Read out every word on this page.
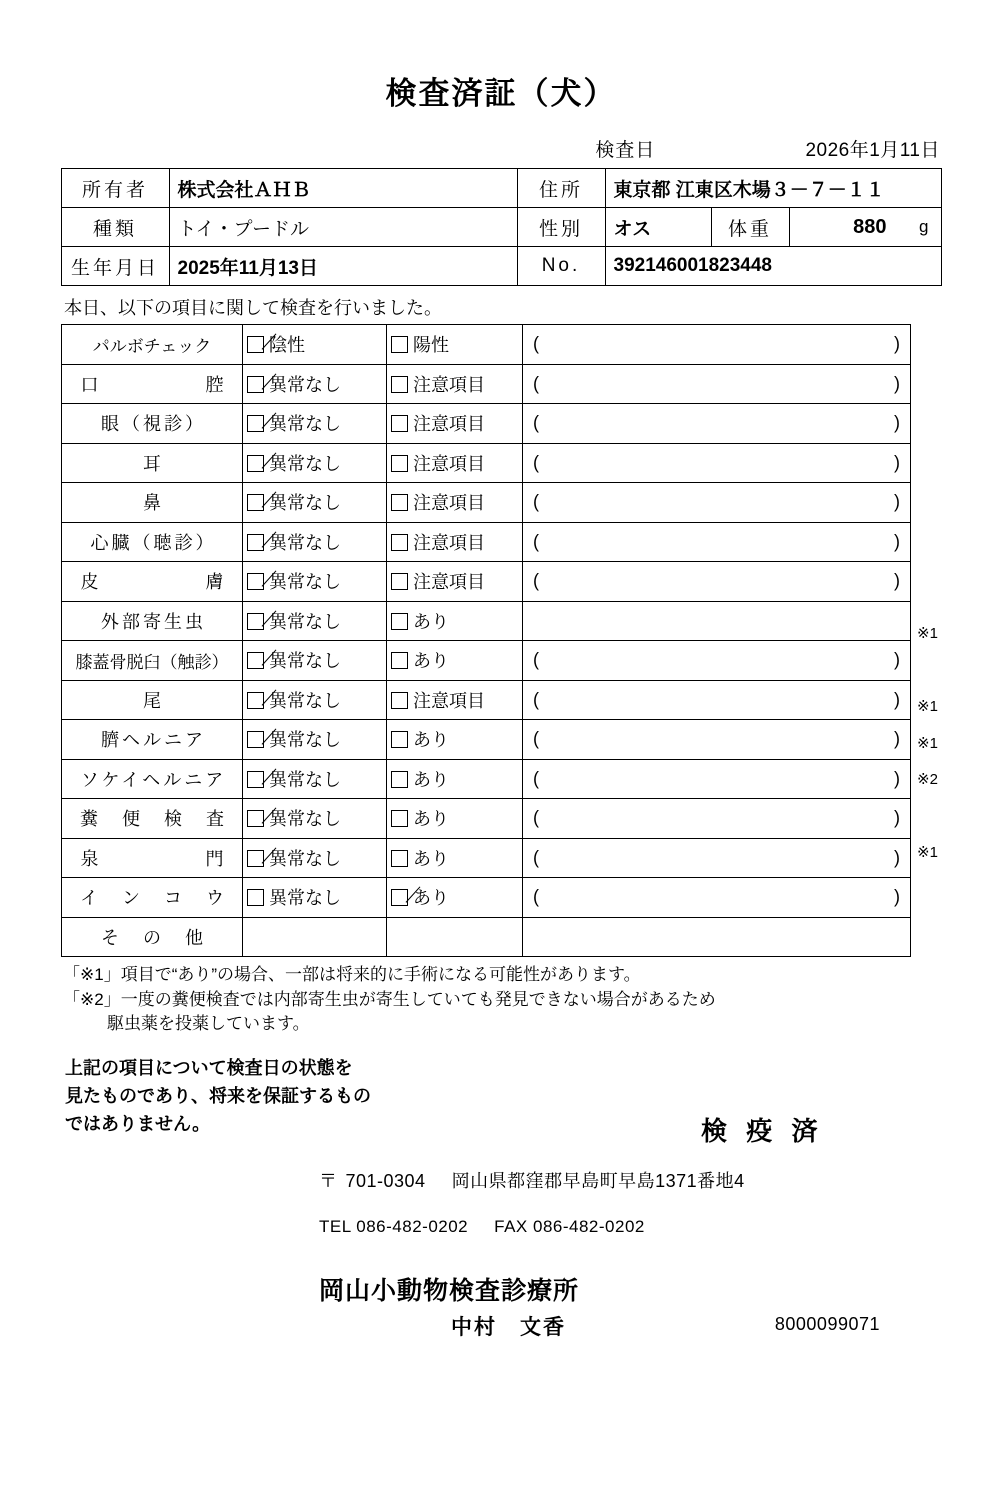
検査済証（犬）
検査日	2026年1月11日
所有者	株式会社ＡＨＢ	住所	東京都 江東区木場３－７－１１		
種類	トイ・プードル	性別	オス	体重	880 g

生年月日	2025年11月13日	No.	392146001823448		
本日、以下の項目に関して検査を行いました。
パルボチェック	陰性	陽性	( )

口　　　　腔	異常なし	注意項目	( )

眼（視診）	異常なし	注意項目	( )

耳	異常なし	注意項目	( )

鼻	異常なし	注意項目	( )

心臓（聴診）	異常なし	注意項目	( )

皮　　　　膚	異常なし	注意項目	( )

外部寄生虫	異常なし	あり	

膝蓋骨脱臼（触診）	異常なし	あり	( )

尾	異常なし	注意項目	( )

臍ヘルニア	異常なし	あり	( )

ソケイヘルニア	異常なし	あり	( )

糞　便　検　査	異常なし	あり	( )

泉　　　　門	異常なし	あり	( )

イ　ン　コ　ウ	異常なし	あり	( )

そ　の　他			

※1
※1
※1
※2
※1
「※1」項目で“あり”の場合、一部は将来的に手術になる可能性があります。
「※2」一度の糞便検査では内部寄生虫が寄生していても発見できない場合があるため
駆虫薬を投薬しています。
上記の項目について検査日の状態を
見たものであり、将来を保証するもの
ではありません。	検 疫 済
〒 701-0304 岡山県都窪郡早島町早島1371番地4
TEL 086-482-0202 FAX 086-482-0202
岡山小動物検査診療所
中村　文香	8000099071
